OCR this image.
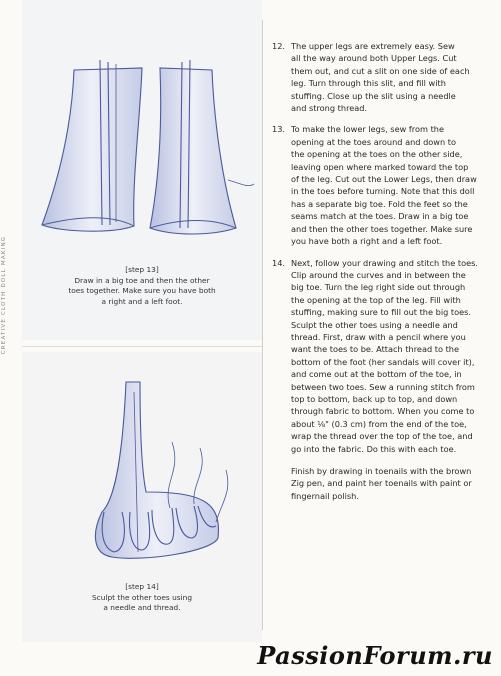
CREATIVE CLOTH DOLL MAKING	[step 13]
Draw in a big toe and then the other
toes together. Make sure you have both
a right and a left foot.
[step 14]
Sculpt the other toes using
a needle and thread.
12. The upper legs are extremely easy. Sew
all the way around both Upper Legs. Cut
them out, and cut a slit on one side of each
leg. Turn through this slit, and fill with
stuffing. Close up the slit using a needle
and strong thread.
13. To make the lower legs, sew from the
opening at the toes around and down to
the opening at the toes on the other side,
leaving open where marked toward the top
of the leg. Cut out the Lower Legs, then draw
in the toes before turning. Note that this doll
has a separate big toe. Fold the feet so the
seams match at the toes. Draw in a big toe
and then the other toes together. Make sure
you have both a right and a left foot.
14. Next, follow your drawing and stitch the toes.
Clip around the curves and in between the
big toe. Turn the leg right side out through
the opening at the top of the leg. Fill with
stuffing, making sure to fill out the big toes.
Sculpt the other toes using a needle and
thread. First, draw with a pencil where you
want the toes to be. Attach thread to the
bottom of the foot (her sandals will cover it),
and come out at the bottom of the toe, in
between two toes. Sew a running stitch from
top to bottom, back up to top, and down
through fabric to bottom. When you come to
about ⅛" (0.3 cm) from the end of the toe,
wrap the thread over the top of the toe, and
go into the fabric. Do this with each toe.
Finish by drawing in toenails with the brown
Zig pen, and paint her toenails with paint or
fingernail polish.
PassionForum.ru
